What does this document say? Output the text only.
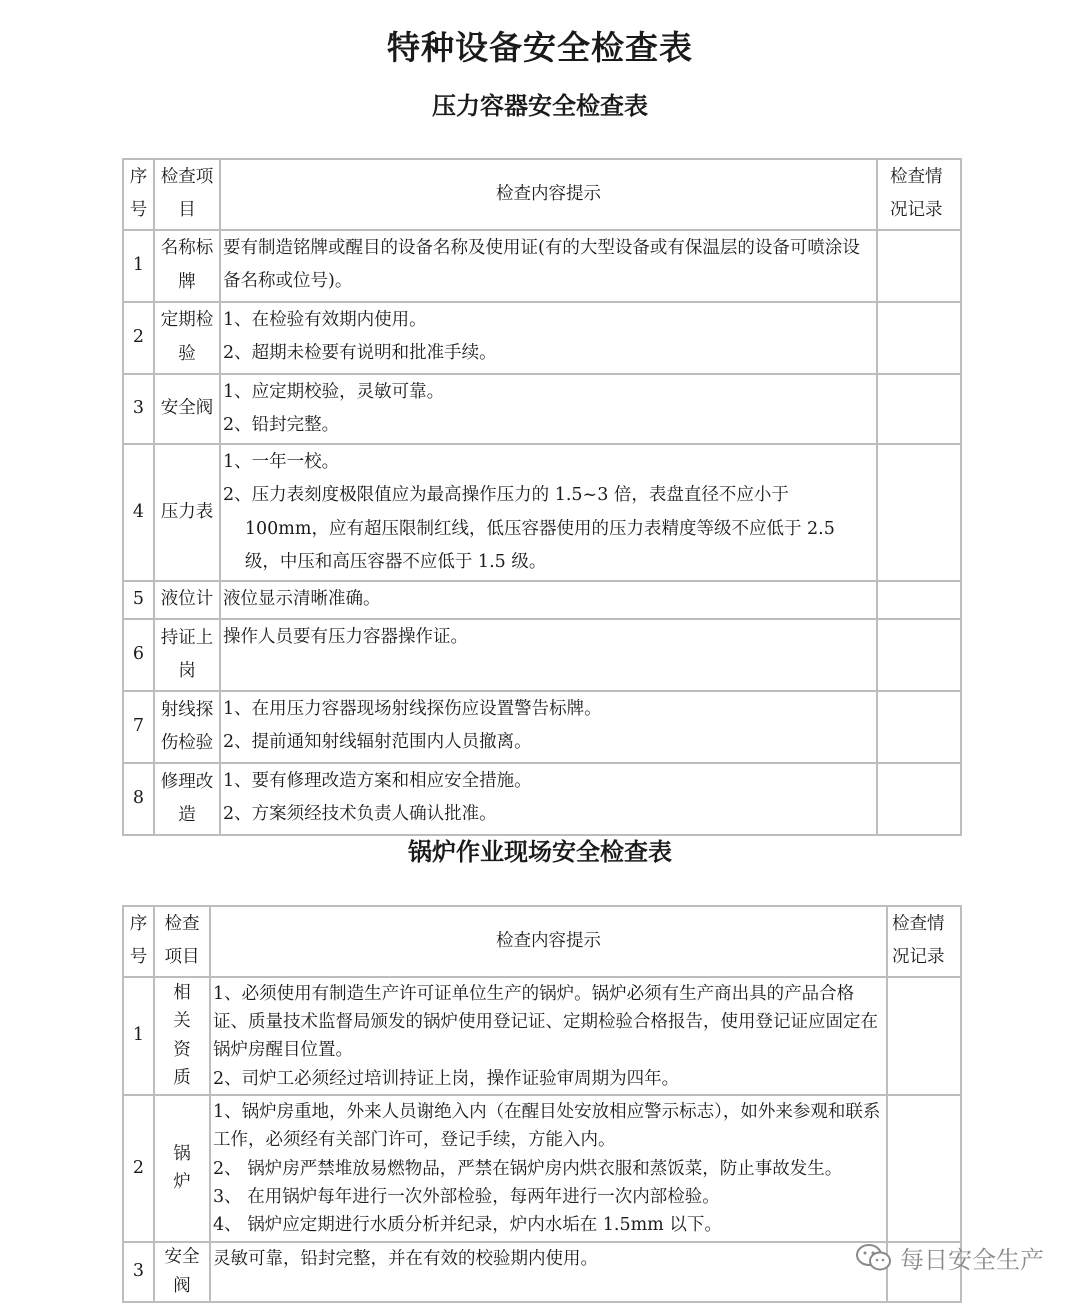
特种设备安全检查表
压力容器安全检查表
序号	检查项目	检查内容提示	检查情况记录
1	名称标牌	要有制造铭牌或醒目的设备名称及使用证(有的大型设备或有保温层的设备可喷涂设备名称或位号)。	

2	定期检验	1、在检验有效期内使用。
2、超期未检要有说明和批准手续。	

3	安全阀	1、应定期校验，灵敏可靠。
2、铅封完整。	

4	压力表	1、一年一校。
2、压力表刻度极限值应为最高操作压力的 1.5~3 倍，表盘直径不应小于 100mm，应有超压限制红线，低压容器使用的压力表精度等级不应低于 2.5 级，中压和高压容器不应低于 1.5 级。	

5	液位计	液位显示清晰准确。	

6	持证上岗	操作人员要有压力容器操作证。	

7	射线探伤检验	1、在用压力容器现场射线探伤应设置警告标牌。
2、提前通知射线辐射范围内人员撤离。	

8	修理改造	1、要有修理改造方案和相应安全措施。
2、方案须经技术负责人确认批准。	

锅炉作业现场安全检查表
序号	检查项目	检查内容提示	检查情况记录
1	相关资质	1、必须使用有制造生产许可证单位生产的锅炉。锅炉必须有生产商出具的产品合格证、质量技术监督局颁发的锅炉使用登记证、定期检验合格报告，使用登记证应固定在锅炉房醒目位置。
2、司炉工必须经过培训持证上岗，操作证验审周期为四年。	

2	锅炉	1、锅炉房重地，外来人员谢绝入内（在醒目处安放相应警示标志），如外来参观和联系工作，必须经有关部门许可，登记手续，方能入内。
2、 锅炉房严禁堆放易燃物品，严禁在锅炉房内烘衣服和蒸饭菜，防止事故发生。
3、 在用锅炉每年进行一次外部检验，每两年进行一次内部检验。
4、 锅炉应定期进行水质分析并纪录，炉内水垢在 1.5mm 以下。	

3	安全阀	灵敏可靠，铅封完整，并在有效的校验期内使用。	
		每日安全生产
